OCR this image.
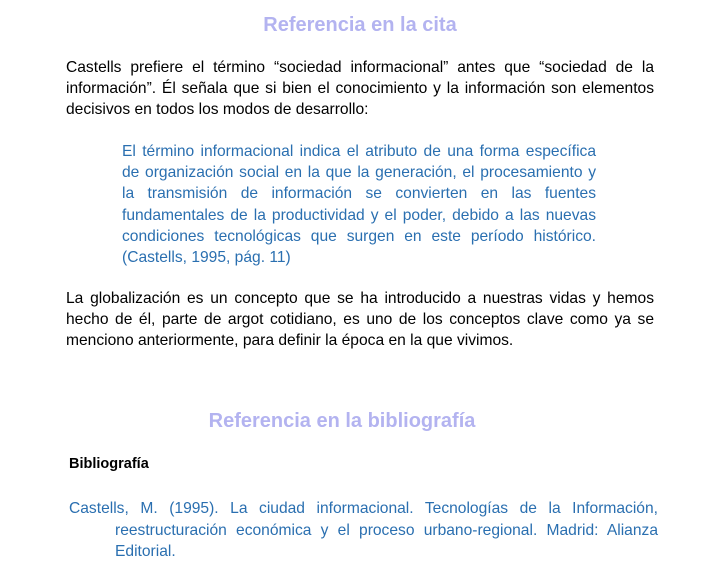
Referencia en la cita

Castells prefiere el término “sociedad informacional” antes que “sociedad de la información”. Él señala que si bien el conocimiento y la información son elementos decisivos en todos los modos de desarrollo:

El término informacional indica el atributo de una forma específica de organización social en la que la generación, el procesamiento y la transmisión de información se convierten en las fuentes fundamentales de la productividad y el poder, debido a las nuevas condiciones tecnológicas que surgen en este período histórico. (Castells, 1995, pág. 11)

La globalización es un concepto que se ha introducido a nuestras vidas y hemos hecho de él, parte de argot cotidiano, es uno de los conceptos clave como ya se menciono anteriormente, para definir la época en la que vivimos.

Referencia en la bibliografía

Bibliografía

Castells, M. (1995). La ciudad informacional. Tecnologías de la Información, reestructuración económica y el proceso urbano-regional. Madrid: Alianza Editorial.
